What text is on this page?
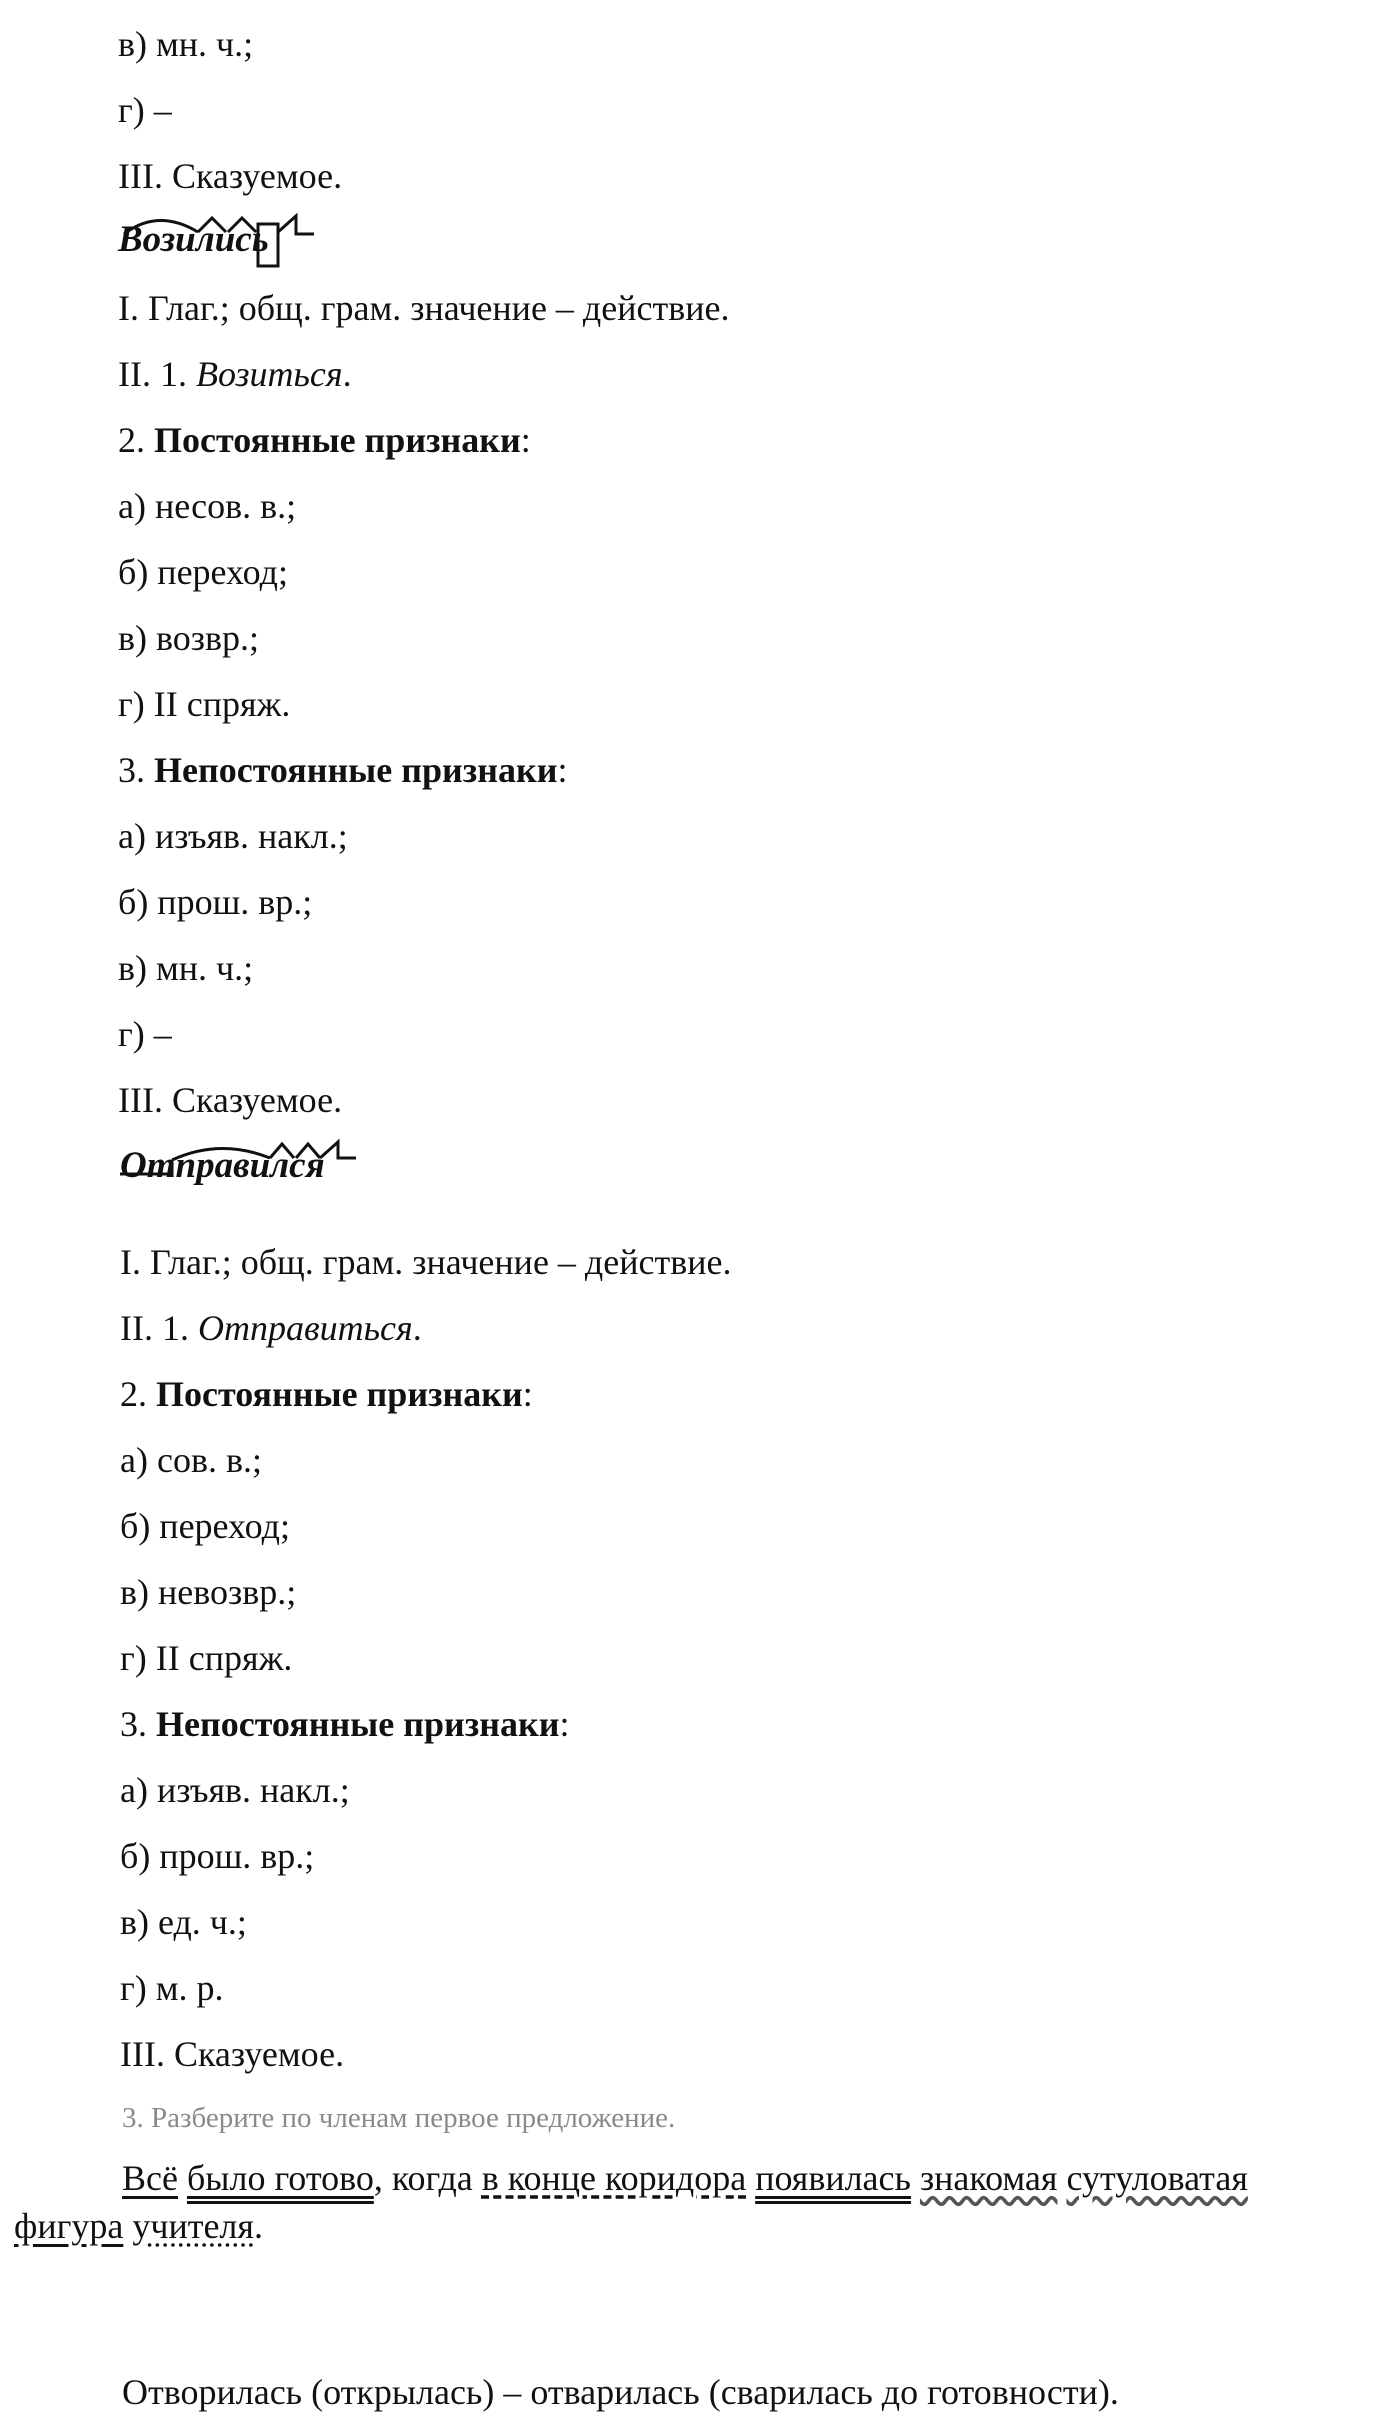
в) мн. ч.;
г) –
III. Сказуемое.
Возились
I. Глаг.; общ. грам. значение – действие.
II. 1. Возиться.
2. Постоянные признаки:
а) несов. в.;
б) переход;
в) возвр.;
г) II спряж.
3. Непостоянные признаки:
а) изъяв. накл.;
б) прош. вр.;
в) мн. ч.;
г) –
III. Сказуемое.
Отправился
I. Глаг.; общ. грам. значение – действие.
II. 1. Отправиться.
2. Постоянные признаки:
а) сов. в.;
б) переход;
в) невозвр.;
г) II спряж.
3. Непостоянные признаки:
а) изъяв. накл.;
б) прош. вр.;
в) ед. ч.;
г) м. р.
III. Сказуемое.
3. Разберите по членам первое предложение.
Всё было готово, когда в конце коридора появилась знакомая сутуловатая фигура учителя.
Отворилась (открылась) – отварилась (сварилась до готовности).
